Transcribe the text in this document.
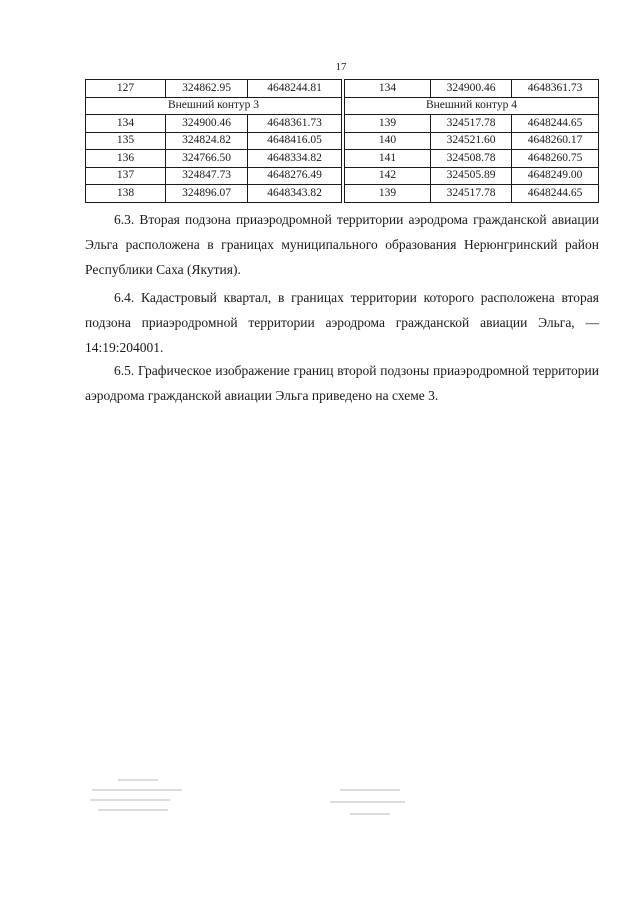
17
127	324862.95	4648244.81
Внешний контур 3		
134	324900.46	4648361.73
135	324824.82	4648416.05
136	324766.50	4648334.82
137	324847.73	4648276.49
138	324896.07	4648343.82
134	324900.46	4648361.73
Внешний контур 4		
139	324517.78	4648244.65
140	324521.60	4648260.17
141	324508.78	4648260.75
142	324505.89	4648249.00
139	324517.78	4648244.65

6.3. Вторая подзона приаэродромной территории аэродрома гражданской авиации Эльга расположена в границах муниципального образования Нерюнгринский район Республики Саха (Якутия).

6.4. Кадастровый квартал, в границах территории которого расположена вторая подзона приаэродромной территории аэродрома гражданской авиации Эльга, — 14:19:204001.

6.5. Графическое изображение границ второй подзоны приаэродромной территории аэродрома гражданской авиации Эльга приведено на схеме 3.
